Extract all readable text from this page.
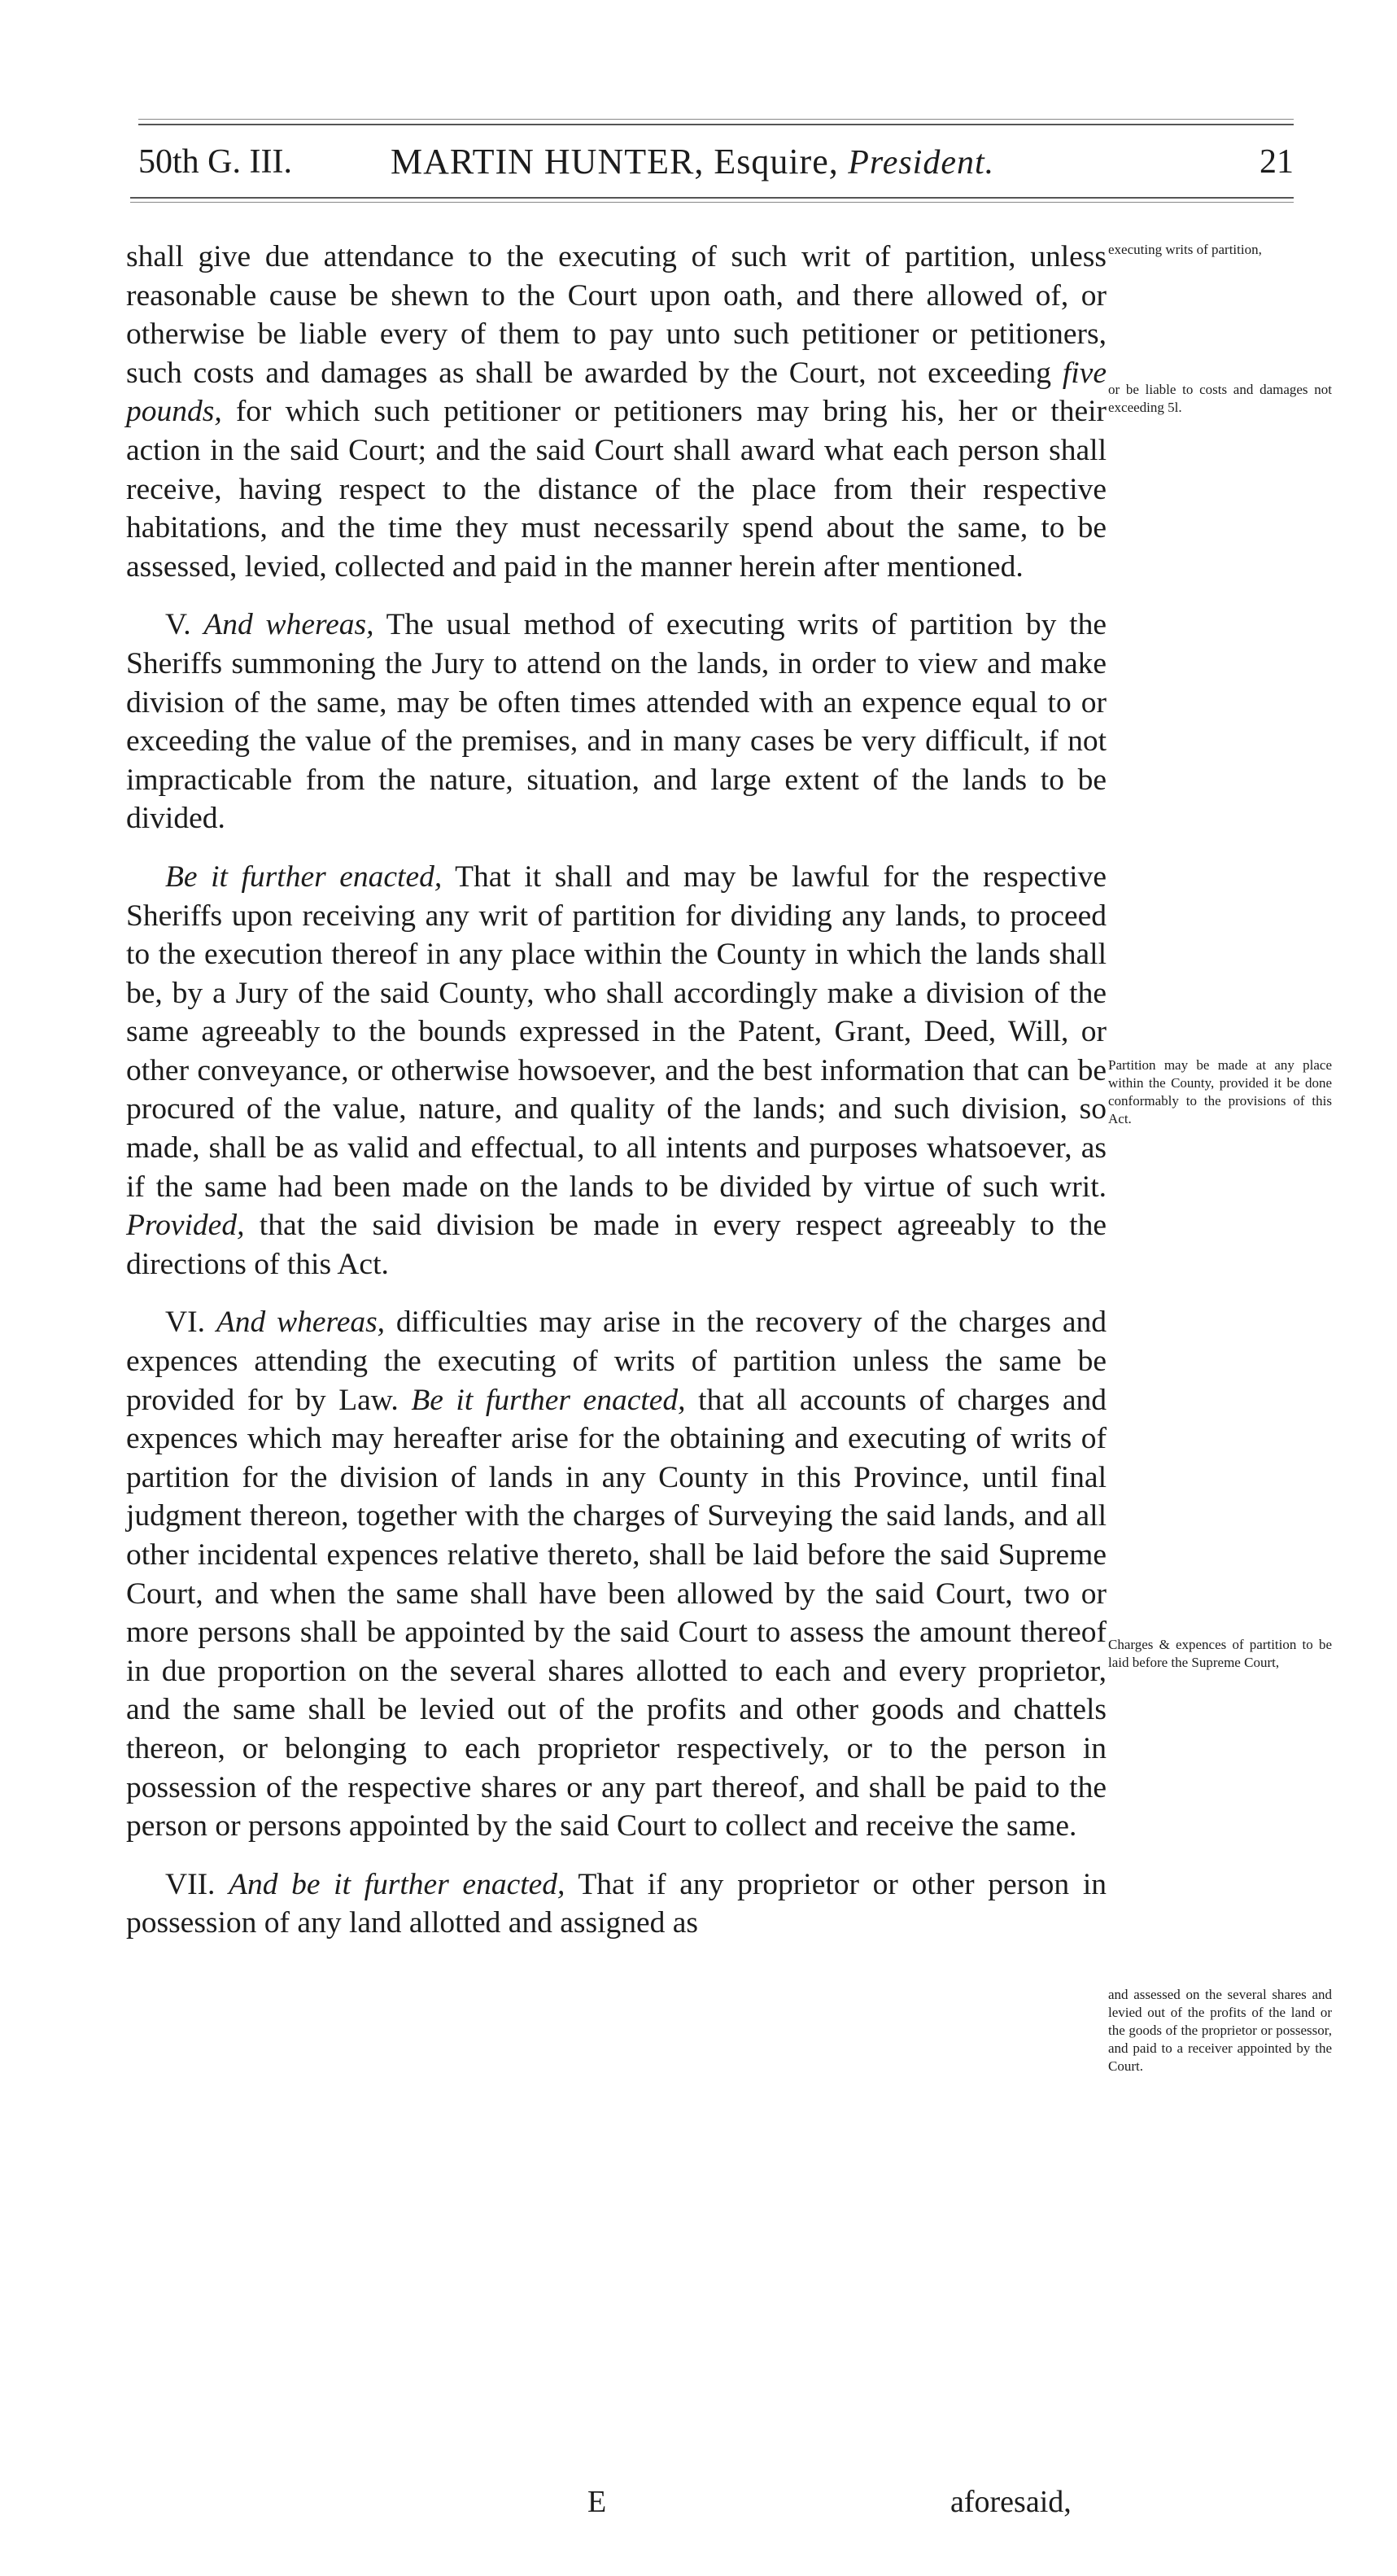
50th G. III.	MARTIN HUNTER, Esquire, President.	21

shall give due attendance to the executing of such writ of partition, unless reasonable cause be shewn to the Court upon oath, and there allowed of, or otherwise be liable every of them to pay unto such petitioner or petitioners, such costs and damages as shall be awarded by the Court, not exceeding five pounds, for which such petitioner or petitioners may bring his, her or their action in the said Court; and the said Court shall award what each person shall receive, having respect to the distance of the place from their respective habitations, and the time they must necessarily spend about the same, to be assessed, levied, collected and paid in the manner herein after mentioned.

V. And whereas, The usual method of executing writs of partition by the Sheriffs summoning the Jury to attend on the lands, in order to view and make division of the same, may be often times attended with an expence equal to or exceeding the value of the premises, and in many cases be very difficult, if not impracticable from the nature, situation, and large extent of the lands to be divided.

Be it further enacted, That it shall and may be lawful for the respective Sheriffs upon receiving any writ of partition for dividing any lands, to proceed to the execution thereof in any place within the County in which the lands shall be, by a Jury of the said County, who shall accordingly make a division of the same agreeably to the bounds expressed in the Patent, Grant, Deed, Will, or other conveyance, or otherwise howsoever, and the best information that can be procured of the value, nature, and quality of the lands; and such division, so made, shall be as valid and effectual, to all intents and purposes whatsoever, as if the same had been made on the lands to be divided by virtue of such writ. Provided, that the said division be made in every respect agreeably to the directions of this Act.

VI. And whereas, difficulties may arise in the recovery of the charges and expences attending the executing of writs of partition unless the same be provided for by Law. Be it further enacted, that all accounts of charges and expences which may hereafter arise for the obtaining and executing of writs of partition for the division of lands in any County in this Province, until final judgment thereon, together with the charges of Surveying the said lands, and all other incidental expences relative thereto, shall be laid before the said Supreme Court, and when the same shall have been allowed by the said Court, two or more persons shall be appointed by the said Court to assess the amount thereof in due proportion on the several shares allotted to each and every proprietor, and the same shall be levied out of the profits and other goods and chattels thereon, or belonging to each proprietor respectively, or to the person in possession of the respective shares or any part thereof, and shall be paid to the person or persons appointed by the said Court to collect and receive the same.

VII. And be it further enacted, That if any proprietor or other person in possession of any land allotted and assigned as

executing writs of partition,
or be liable to costs and damages not exceeding 5l.
Partition may be made at any place within the County, provided it be done conformably to the provisions of this Act.
Charges & expences of partition to be laid before the Supreme Court,
and assessed on the several shares and levied out of the profits of the land or the goods of the proprietor or possessor, and paid to a receiver appointed by the Court.
E	aforesaid,
